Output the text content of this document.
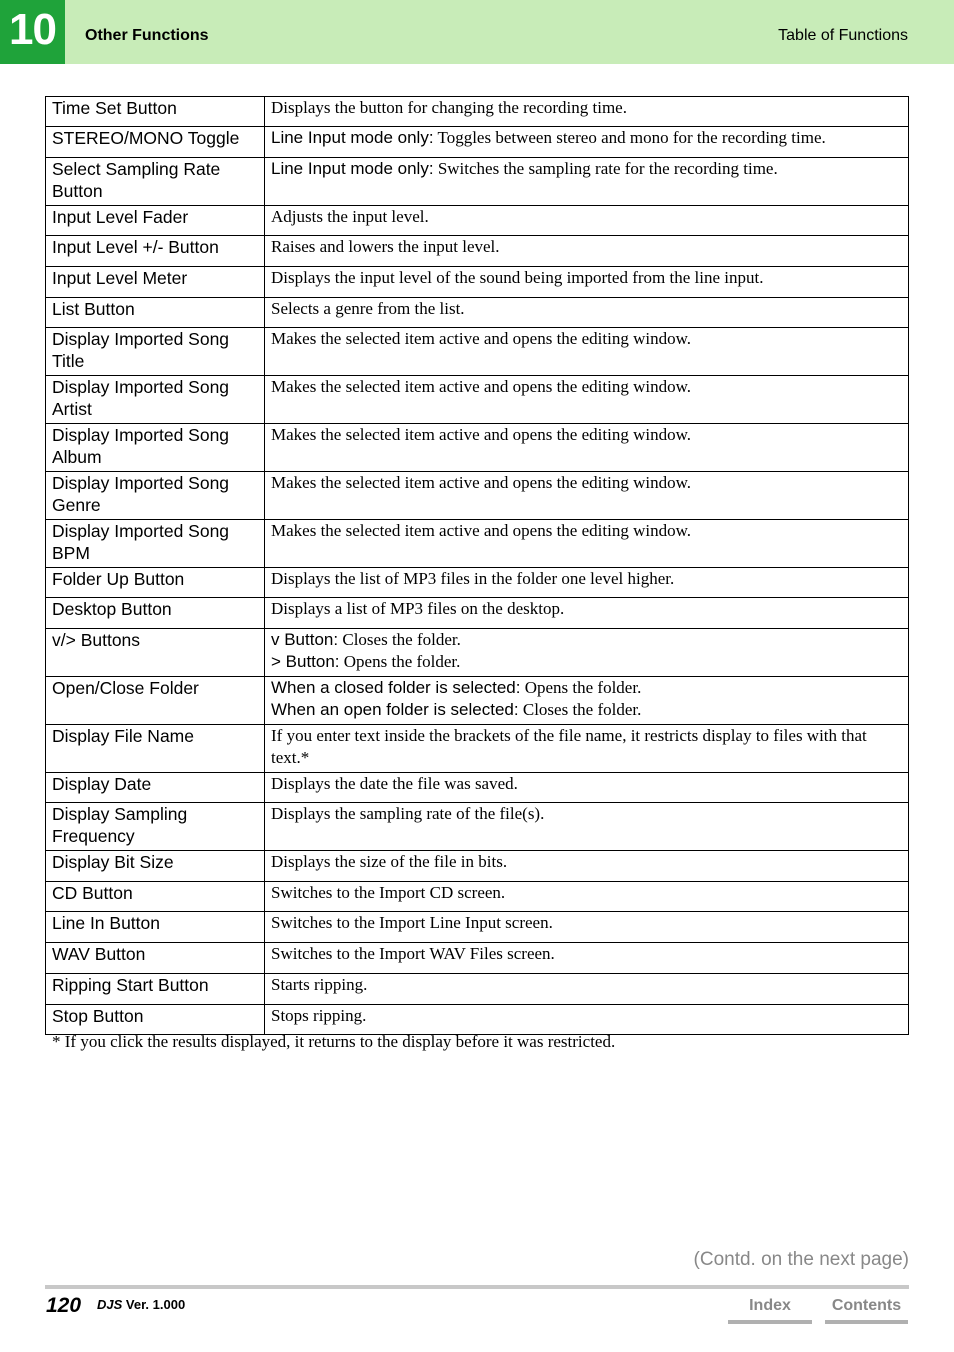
10	Other Functions	Table of Functions
Time Set Button	Displays the button for changing the recording time.
STEREO/MONO Toggle	Line Input mode only: Toggles between stereo and mono for the recording time.
Select Sampling Rate Button	Line Input mode only: Switches the sampling rate for the recording time.
Input Level Fader	Adjusts the input level.
Input Level +/- Button	Raises and lowers the input level.
Input Level Meter	Displays the input level of the sound being imported from the line input.
List Button	Selects a genre from the list.
Display Imported Song Title	Makes the selected item active and opens the editing window.
Display Imported Song Artist	Makes the selected item active and opens the editing window.
Display Imported Song Album	Makes the selected item active and opens the editing window.
Display Imported Song Genre	Makes the selected item active and opens the editing window.
Display Imported Song BPM	Makes the selected item active and opens the editing window.
Folder Up Button	Displays the list of MP3 files in the folder one level higher.
Desktop Button	Displays a list of MP3 files on the desktop.
v/> Buttons	v Button: Closes the folder.
> Button: Opens the folder.

Open/Close Folder	When a closed folder is selected: Opens the folder.
When an open folder is selected: Closes the folder.

Display File Name	If you enter text inside the brackets of the file name, it restricts display to files with that text.*
Display Date	Displays the date the file was saved.
Display Sampling Frequency	Displays the sampling rate of the file(s).
Display Bit Size	Displays the size of the file in bits.
CD Button	Switches to the Import CD screen.
Line In Button	Switches to the Import Line Input screen.
WAV Button	Switches to the Import WAV Files screen.
Ripping Start Button	Starts ripping.
Stop Button	Stops ripping.
* If you click the results displayed, it returns to the display before it was restricted.
(Contd. on the next page)
120 DJS Ver. 1.000	Index	Contents
